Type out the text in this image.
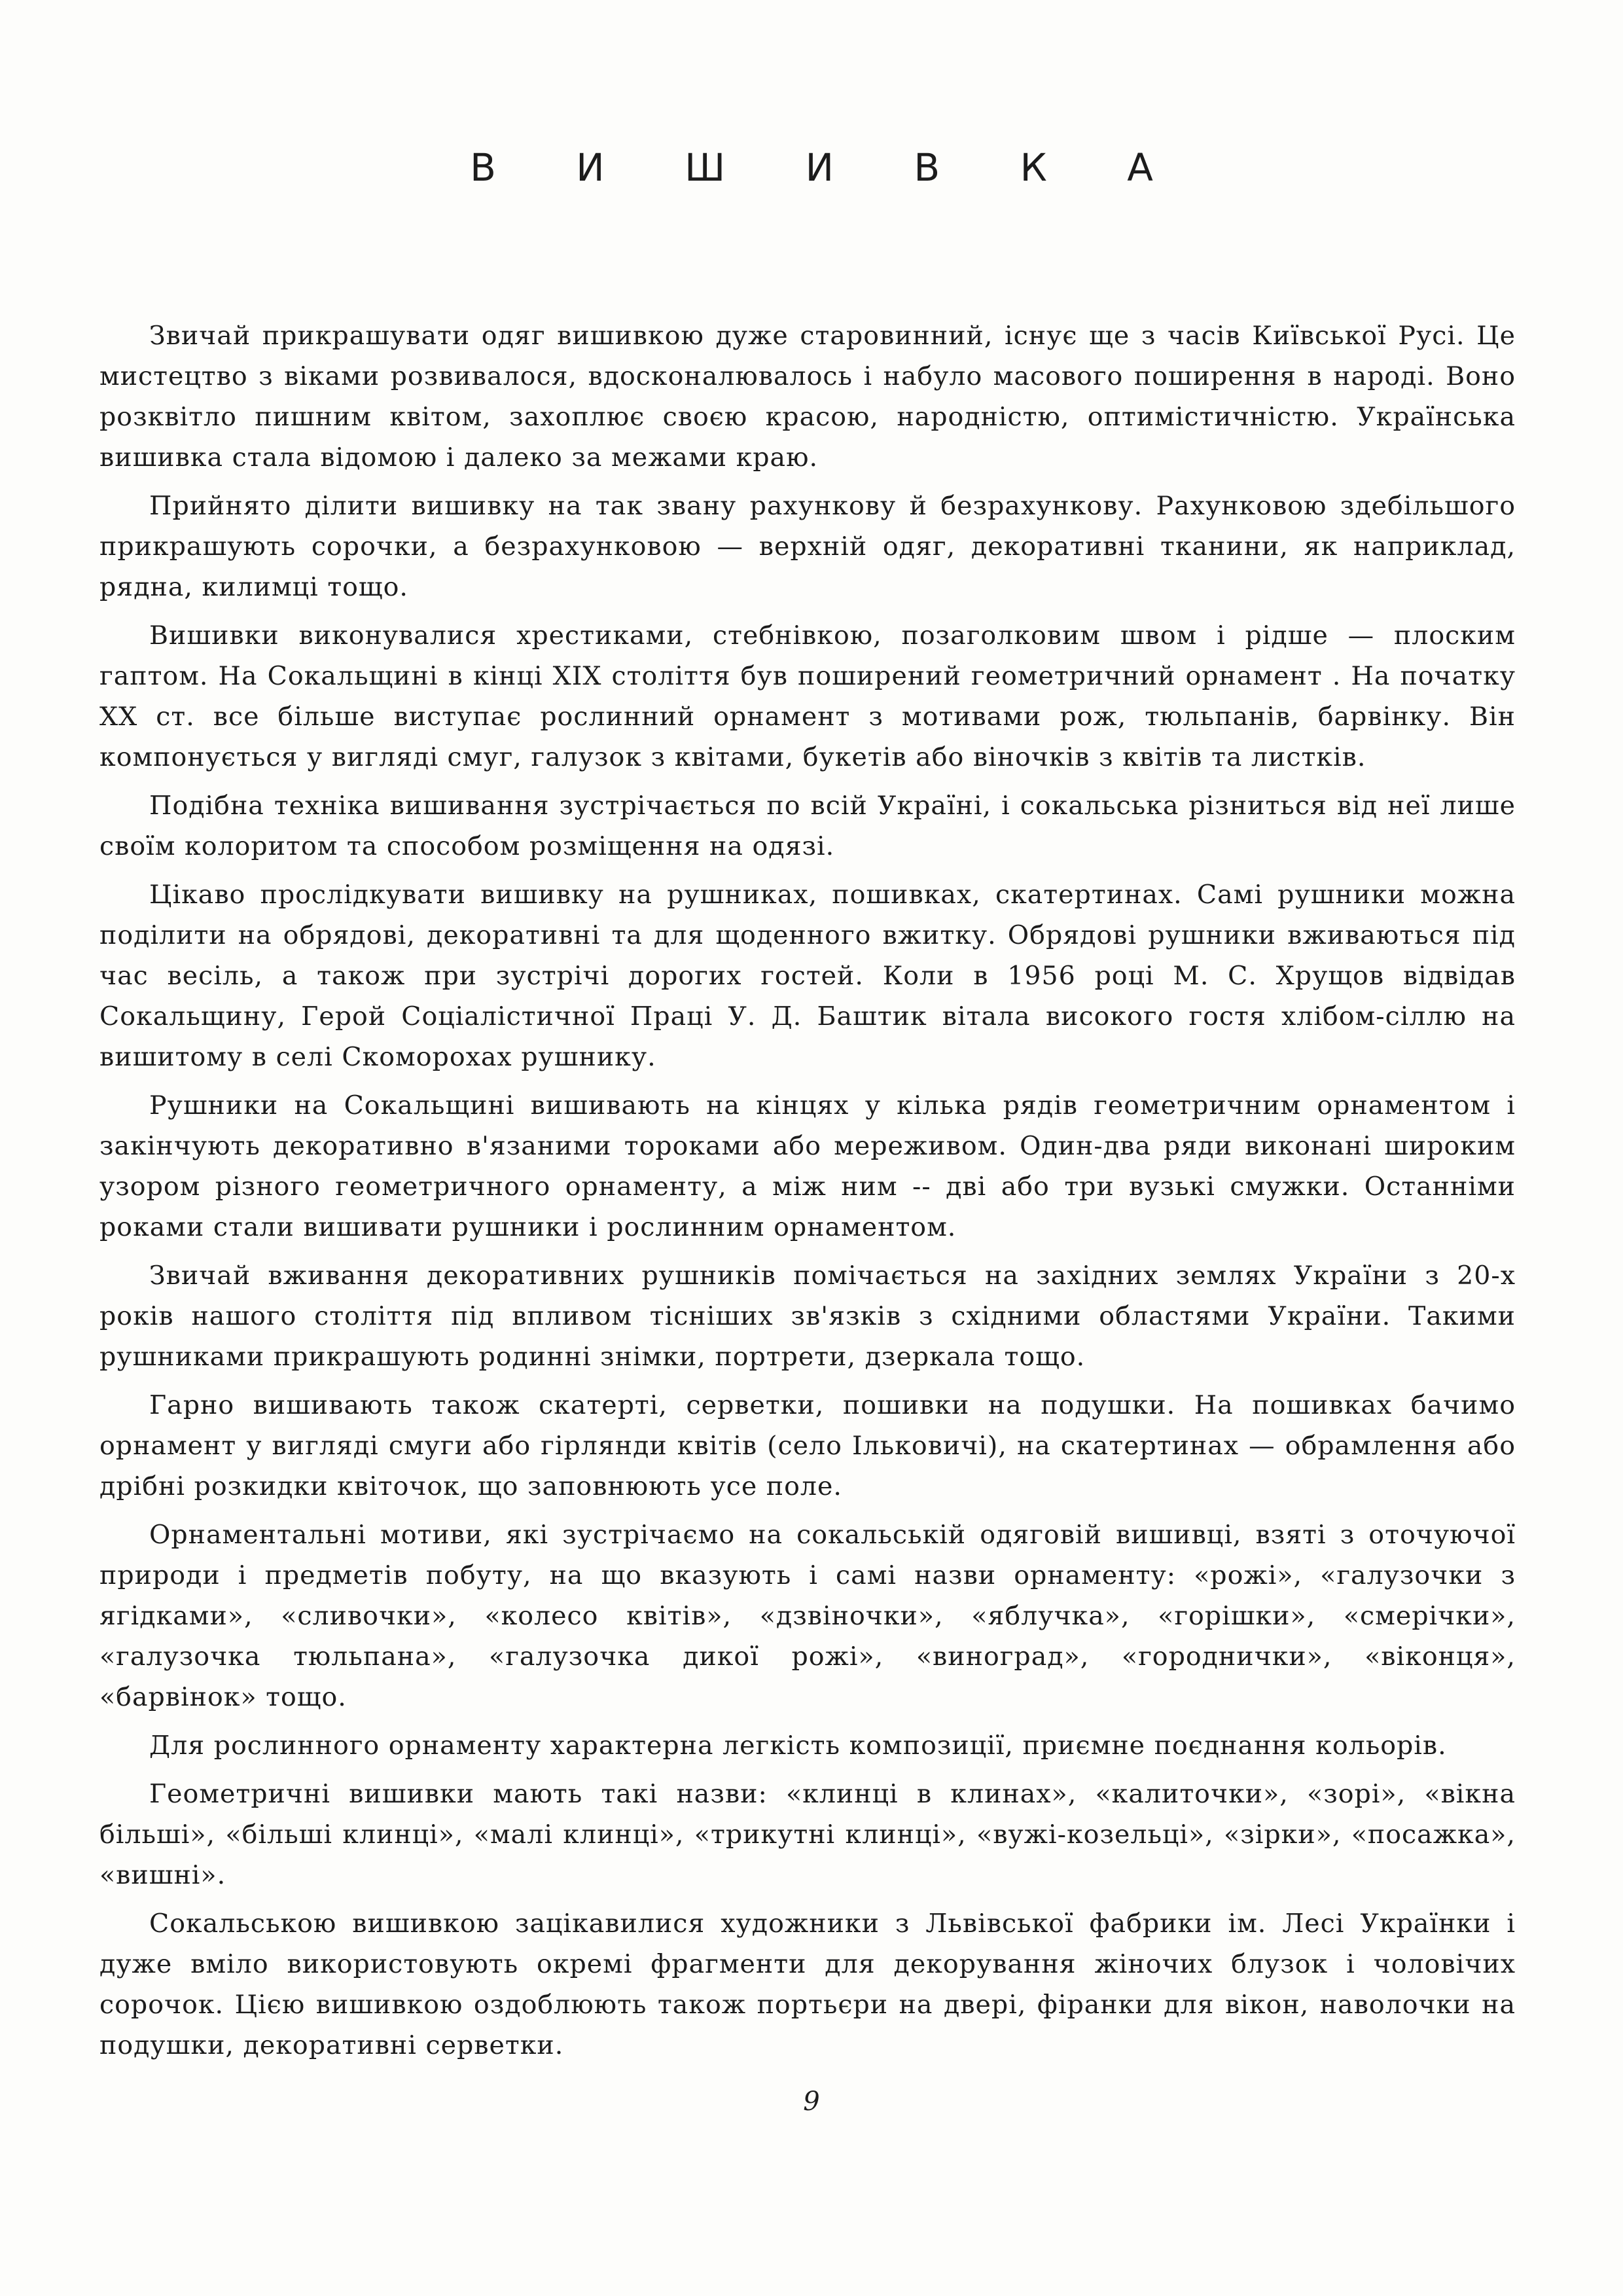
В И Ш И В К А

Звичай прикрашувати одяг вишивкою дуже старовинний, існує ще з часів Київської Русі. Це мистецтво з віками розвивалося, вдосконалювалось і набуло масового поширення в народі. Воно розквітло пишним квітом, захоплює своєю красою, народністю, оптимістичністю. Українська вишивка стала відомою і далеко за межами краю.

Прийнято ділити вишивку на так звану рахункову й безрахункову. Рахунковою здебільшого прикрашують сорочки, а безрахунковою — верхній одяг, декоративні тканини, як наприклад, рядна, килимці тощо.

Вишивки виконувалися хрестиками, стебнівкою, позаголковим швом і рідше — плоским гаптом. На Сокальщині в кінці XIX століття був поширений геометричний орнамент . На початку XX ст. все більше виступає рослинний орнамент з мотивами рож, тюльпанів, барвінку. Він компонується у вигляді смуг, галузок з квітами, букетів або віночків з квітів та листків.

Подібна техніка вишивання зустрічається по всій Україні, і сокальська різниться від неї лише своїм колоритом та способом розміщення на одязі.

Цікаво прослідкувати вишивку на рушниках, пошивках, скатертинах. Самі рушники можна поділити на обрядові, декоративні та для щоденного вжитку. Обрядові рушники вживаються під час весіль, а також при зустрічі дорогих гостей. Коли в 1956 році М. С. Хрущов відвідав Сокальщину, Герой Соціалістичної Праці У. Д. Баштик вітала високого гостя хлібом-сіллю на вишитому в селі Скоморохах рушнику.

Рушники на Сокальщині вишивають на кінцях у кілька рядів геометричним орнаментом і закінчують декоративно в'язаними тороками або мереживом. Один-два ряди виконані широким узором різного геометричного орнаменту, а між ним -- дві або три вузькі смужки. Останніми роками стали вишивати рушники і рослинним орнаментом.

Звичай вживання декоративних рушників помічається на західних землях України з 20-х років нашого століття під впливом тісніших зв'язків з східними областями України. Такими рушниками прикрашують родинні знімки, портрети, дзеркала тощо.

Гарно вишивають також скатерті, серветки, пошивки на подушки. На пошивках бачимо орнамент у вигляді смуги або гірлянди квітів (село Ільковичі), на скатертинах — обрамлення або дрібні розкидки квіточок, що заповнюють усе поле.

Орнаментальні мотиви, які зустрічаємо на сокальській одяговій вишивці, взяті з оточуючої природи і предметів побуту, на що вказують і самі назви орнаменту: «рожі», «галузочки з ягідками», «сливочки», «колесо квітів», «дзвіночки», «яблучка», «горішки», «смерічки», «галузочка тюльпана», «галузочка дикої рожі», «виноград», «городнички», «віконця», «барвінок» тощо.

Для рослинного орнаменту характерна легкість композиції, приємне поєднання кольорів.

Геометричні вишивки мають такі назви: «клинці в клинах», «калиточки», «зорі», «вікна більші», «більші клинці», «малі клинці», «трикутні клинці», «вужі-козельці», «зірки», «посажка», «вишні».

Сокальською вишивкою зацікавилися художники з Львівської фабрики ім. Лесі Українки і дуже вміло використовують окремі фрагменти для декорування жіночих блузок і чоловічих сорочок. Цією вишивкою оздоблюють також портьєри на двері, фіранки для вікон, наволочки на подушки, декоративні серветки.

9
